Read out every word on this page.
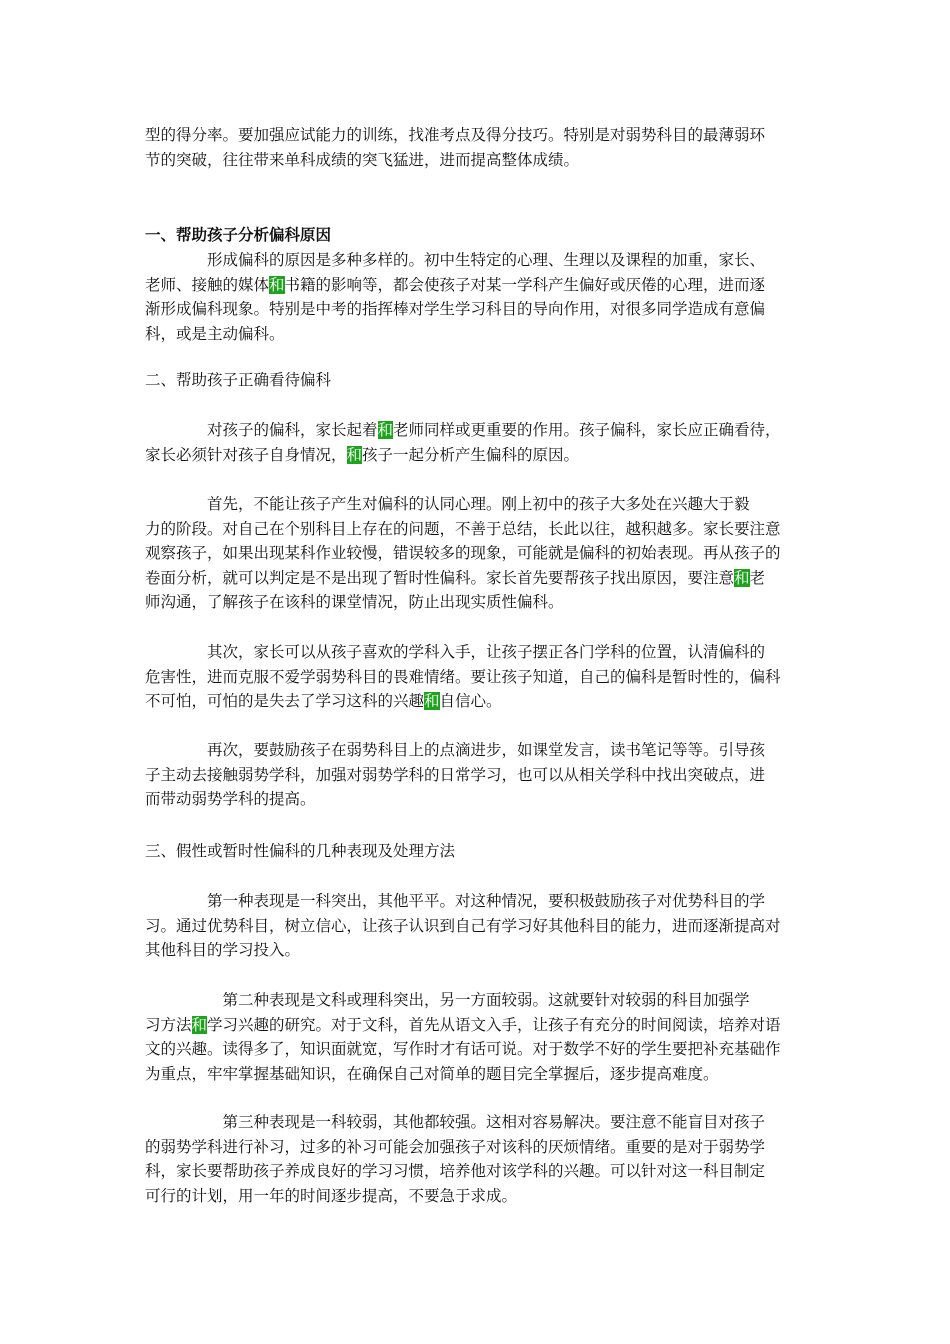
型的得分率。要加强应试能力的训练，找准考点及得分技巧。特别是对弱势科目的最薄弱环
节的突破，往往带来单科成绩的突飞猛进，进而提高整体成绩。
一、帮助孩子分析偏科原因
　　　　形成偏科的原因是多种多样的。初中生特定的心理、生理以及课程的加重，家长、
老师、接触的媒体和书籍的影响等，都会使孩子对某一学科产生偏好或厌倦的心理，进而逐
渐形成偏科现象。特别是中考的指挥棒对学生学习科目的导向作用，对很多同学造成有意偏
科，或是主动偏科。
二、帮助孩子正确看待偏科
　　　　对孩子的偏科，家长起着和老师同样或更重要的作用。孩子偏科，家长应正确看待，
家长必须针对孩子自身情况，和孩子一起分析产生偏科的原因。
　　　　首先，不能让孩子产生对偏科的认同心理。刚上初中的孩子大多处在兴趣大于毅
力的阶段。对自己在个别科目上存在的问题，不善于总结，长此以往，越积越多。家长要注意
观察孩子，如果出现某科作业较慢，错误较多的现象，可能就是偏科的初始表现。再从孩子的
卷面分析，就可以判定是不是出现了暂时性偏科。家长首先要帮孩子找出原因，要注意和老
师沟通，了解孩子在该科的课堂情况，防止出现实质性偏科。
　　　　其次，家长可以从孩子喜欢的学科入手，让孩子摆正各门学科的位置，认清偏科的
危害性，进而克服不爱学弱势科目的畏难情绪。要让孩子知道，自己的偏科是暂时性的，偏科
不可怕，可怕的是失去了学习这科的兴趣和自信心。
　　　　再次，要鼓励孩子在弱势科目上的点滴进步，如课堂发言，读书笔记等等。引导孩
子主动去接触弱势学科，加强对弱势学科的日常学习，也可以从相关学科中找出突破点，进
而带动弱势学科的提高。
三、假性或暂时性偏科的几种表现及处理方法
　　　　第一种表现是一科突出，其他平平。对这种情况，要积极鼓励孩子对优势科目的学
习。通过优势科目，树立信心，让孩子认识到自己有学习好其他科目的能力，进而逐渐提高对
其他科目的学习投入。
　　　　　第二种表现是文科或理科突出，另一方面较弱。这就要针对较弱的科目加强学
习方法和学习兴趣的研究。对于文科，首先从语文入手，让孩子有充分的时间阅读，培养对语
文的兴趣。读得多了，知识面就宽，写作时才有话可说。对于数学不好的学生要把补充基础作
为重点，牢牢掌握基础知识，在确保自己对简单的题目完全掌握后，逐步提高难度。
　　　　　第三种表现是一科较弱，其他都较强。这相对容易解决。要注意不能盲目对孩子
的弱势学科进行补习，过多的补习可能会加强孩子对该科的厌烦情绪。重要的是对于弱势学
科，家长要帮助孩子养成良好的学习习惯，培养他对该学科的兴趣。可以针对这一科目制定
可行的计划，用一年的时间逐步提高，不要急于求成。
